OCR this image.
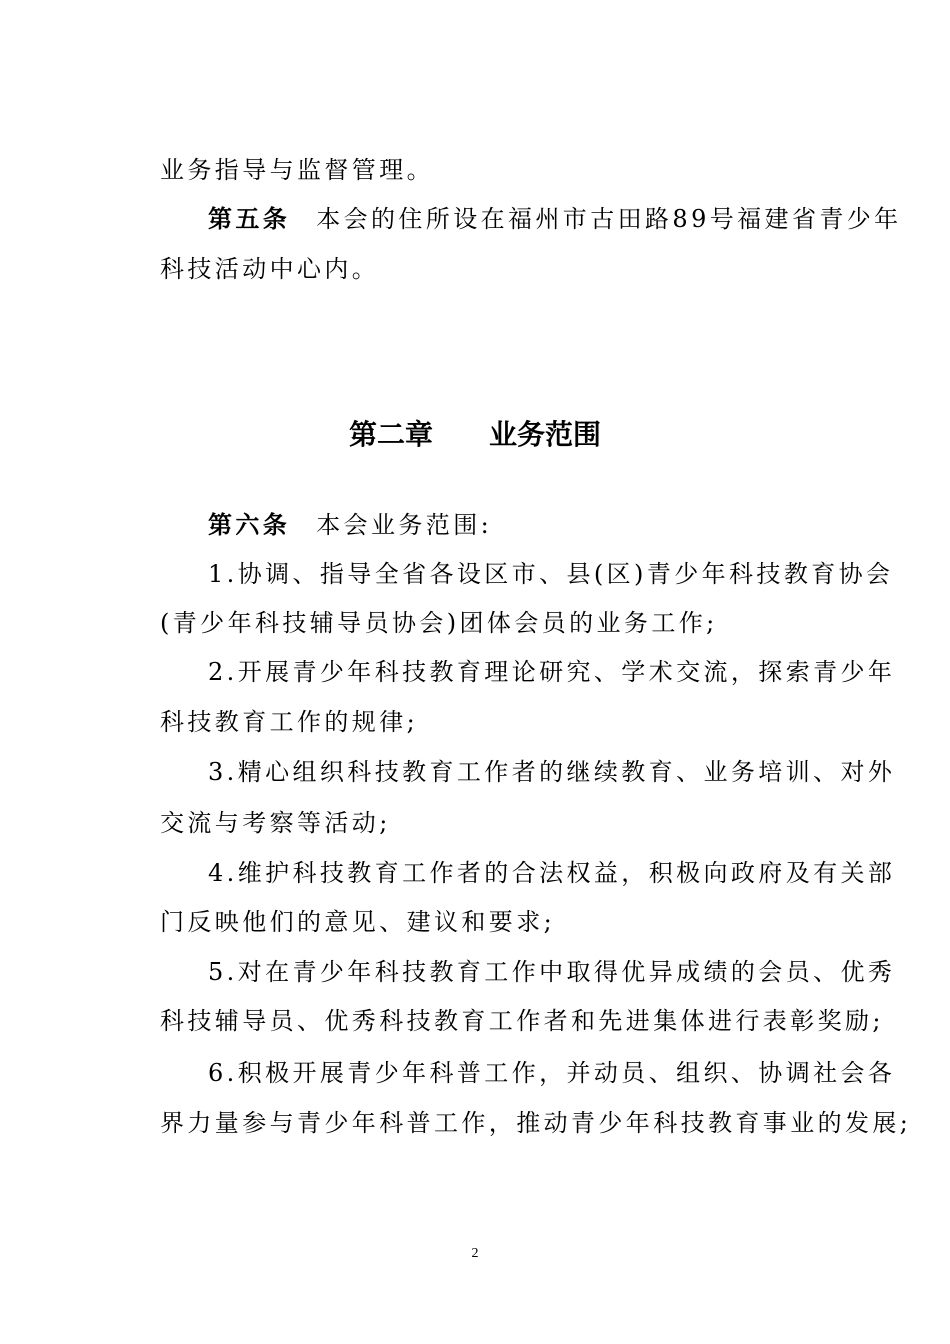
业务指导与监督管理。
第五条 本会的住所设在福州市古田路89号福建省青少年
科技活动中心内。
第二章 业务范围
第六条 本会业务范围:
1.协调、指导全省各设区市、县(区)青少年科技教育协会
(青少年科技辅导员协会)团体会员的业务工作;
2.开展青少年科技教育理论研究、学术交流，探索青少年
科技教育工作的规律;
3.精心组织科技教育工作者的继续教育、业务培训、对外
交流与考察等活动;
4.维护科技教育工作者的合法权益，积极向政府及有关部
门反映他们的意见、建议和要求;
5.对在青少年科技教育工作中取得优异成绩的会员、优秀
科技辅导员、优秀科技教育工作者和先进集体进行表彰奖励;
6.积极开展青少年科普工作，并动员、组织、协调社会各
界力量参与青少年科普工作，推动青少年科技教育事业的发展;
2
